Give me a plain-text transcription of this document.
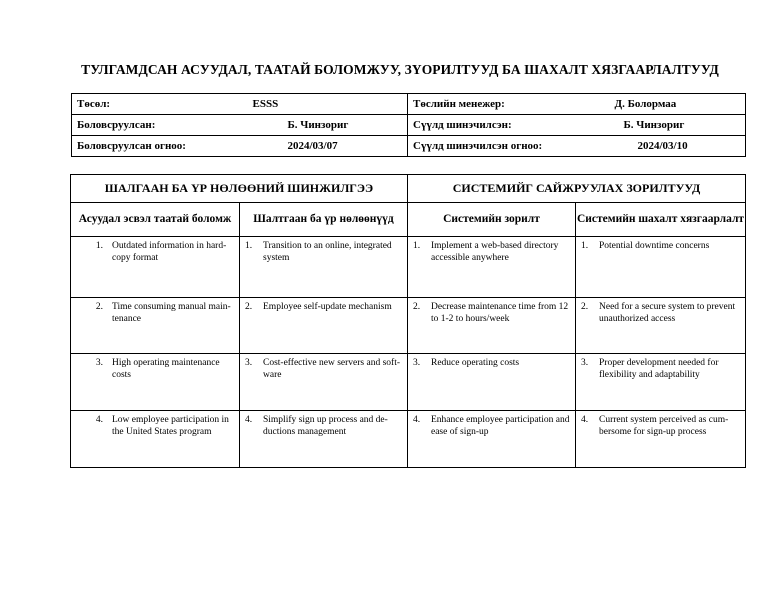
ТУЛГАМДСАН АСУУДАЛ, ТААТАЙ БОЛОМЖУУ, ЗҮОРИЛТУУД БА ШАХАЛТ ХЯЗГААРЛАЛТУУД
Төсөл: ESSS	Төслийн менежер: Д. Болормаа

Боловсруулсан: Б. Чинзориг	Сүүлд шинэчилсэн: Б. Чинзориг

Боловсруулсан огноо: 2024/03/07	Сүүлд шинэчилсэн огноо: 2024/03/10
ШАЛГААН БА ҮР НӨЛӨӨНИЙ ШИНЖИЛГЭЭ		СИСТЕМИЙГ САЙЖРУУЛАХ ЗОРИЛТУУД	
Асуудал эсвэл таатай боломж	Шалтгаан ба үр нөлөөнүүд	Системийн зорилт	Системийн шахалт хязгаарлалт

1. Outdated information in hard-copy format	1. Transition to an online, integrated system	1. Implement a web-based directory accessible anywhere	1. Potential downtime concerns

2. Time consuming manual main-tenance	2. Employee self-update mechanism	2. Decrease maintenance time from 12 to 1-2 to hours/week	2. Need for a secure system to prevent unauthorized access

3. High operating maintenance costs	3. Cost-effective new servers and soft-ware	3. Reduce operating costs	3. Proper development needed for flexibility and adaptability

4. Low employee participation in the United States program	4. Simplify sign up process and de-ductions management	4. Enhance employee participation and ease of sign-up	4. Current system perceived as cum-bersome for sign-up process
